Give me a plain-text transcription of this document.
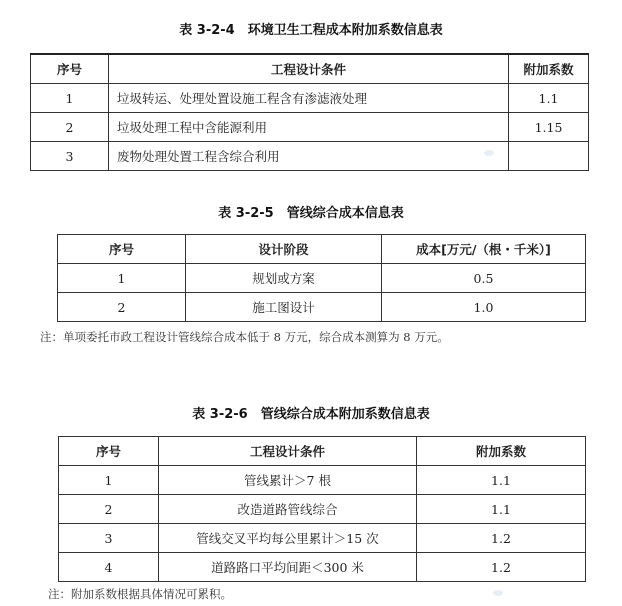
表 3-2-4　环境卫生工程成本附加系数信息表
序号	工程设计条件	附加系数
1	垃圾转运、处理处置设施工程含有渗滤液处理	1.1
2	垃圾处理工程中含能源利用	1.15
3	废物处理处置工程含综合利用	
表 3-2-5　管线综合成本信息表
序号	设计阶段	成本[万元/（根・千米）]
1	规划或方案	0.5
2	施工图设计	1.0
注：单项委托市政工程设计管线综合成本低于 8 万元，综合成本测算为 8 万元。
表 3-2-6　管线综合成本附加系数信息表
序号	工程设计条件	附加系数
1	管线累计＞7 根	1.1
2	改造道路管线综合	1.1
3	管线交叉平均每公里累计＞15 次	1.2
4	道路路口平均间距＜300 米	1.2
注：附加系数根据具体情况可累积。
